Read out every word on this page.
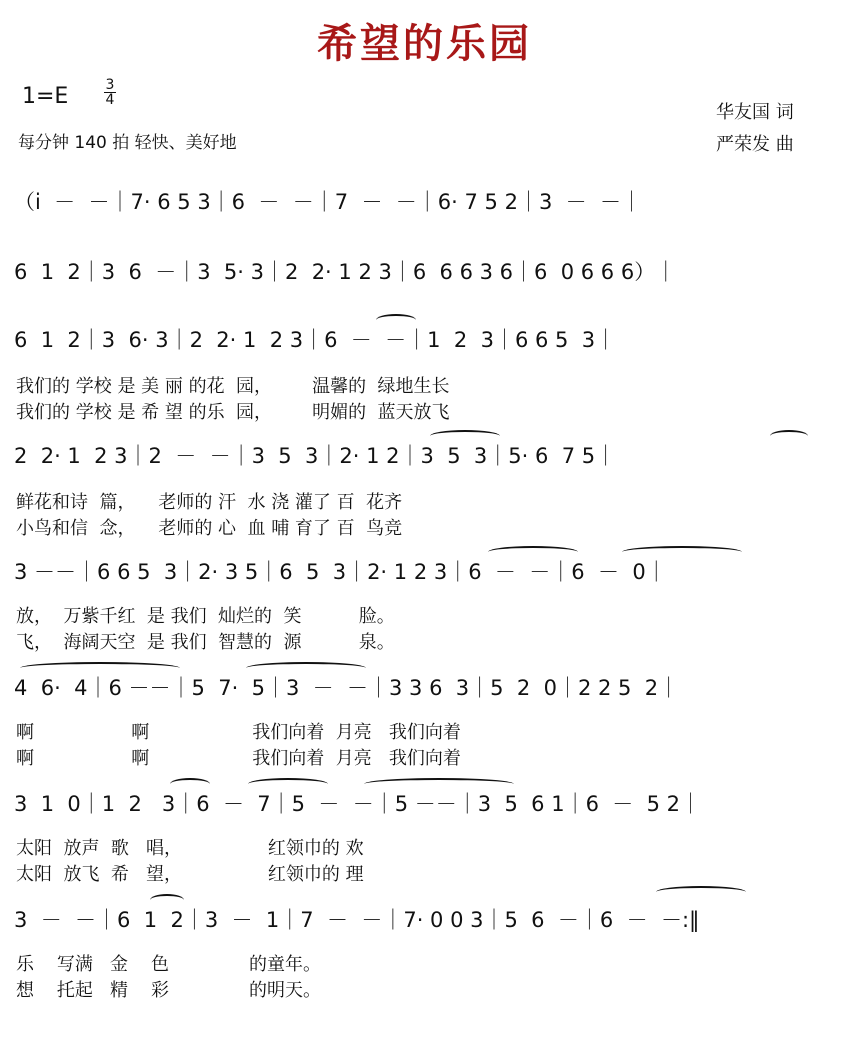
希望的乐园
1=E	3
4
每分钟 140 拍 轻快、美好地
华友国 词
严荣发 曲
（i  －  －｜7· 6 5 3｜6  －  －｜7  －  －｜6· 7 5 2｜3  －  －｜
6  1  2｜3  6  －｜3  5· 3｜2  2· 1 2 3｜6  6 6 3 6｜6  0 6 6 6）｜
6  1  2｜3  6· 3｜2  2· 1  2 3｜6  －  －｜1  2  3｜6 6 5  3｜
我们的 学校 是 美 丽 的花  园，       温馨的  绿地生长
我们的 学校 是 希 望 的乐  园，       明媚的  蓝天放飞
2  2· 1  2 3｜2  －  －｜3  5  3｜2· 1 2｜3  5  3｜5· 6  7 5｜
鲜花和诗  篇，    老师的 汗  水 浇 灌了 百  花齐
小鸟和信  念，    老师的 心  血 哺 育了 百  鸟竞
3 －－｜6 6 5  3｜2· 3 5｜6  5  3｜2· 1 2 3｜6  －  －｜6  －  0｜
放，  万紫千红  是 我们  灿烂的  笑          脸。
飞，  海阔天空  是 我们  智慧的  源          泉。
4  6·  4｜6 －－｜5  7·  5｜3  －  －｜3 3 6  3｜5  2  0｜2 2 5  2｜
啊                 啊                  我们向着  月亮   我们向着
啊                 啊                  我们向着  月亮   我们向着
3  1  0｜1  2   3｜6  －  7｜5  －  －｜5 －－｜3  5  6 1｜6  －  5 2｜
太阳  放声  歌   唱，               红领巾的 欢
太阳  放飞  希   望，               红领巾的 理
3  －  －｜6  1  2｜3  －  1｜7  －  －｜7· 0 0 3｜5  6  －｜6  －  －:‖
乐    写满   金    色              的童年。
想    托起   精    彩              的明天。
